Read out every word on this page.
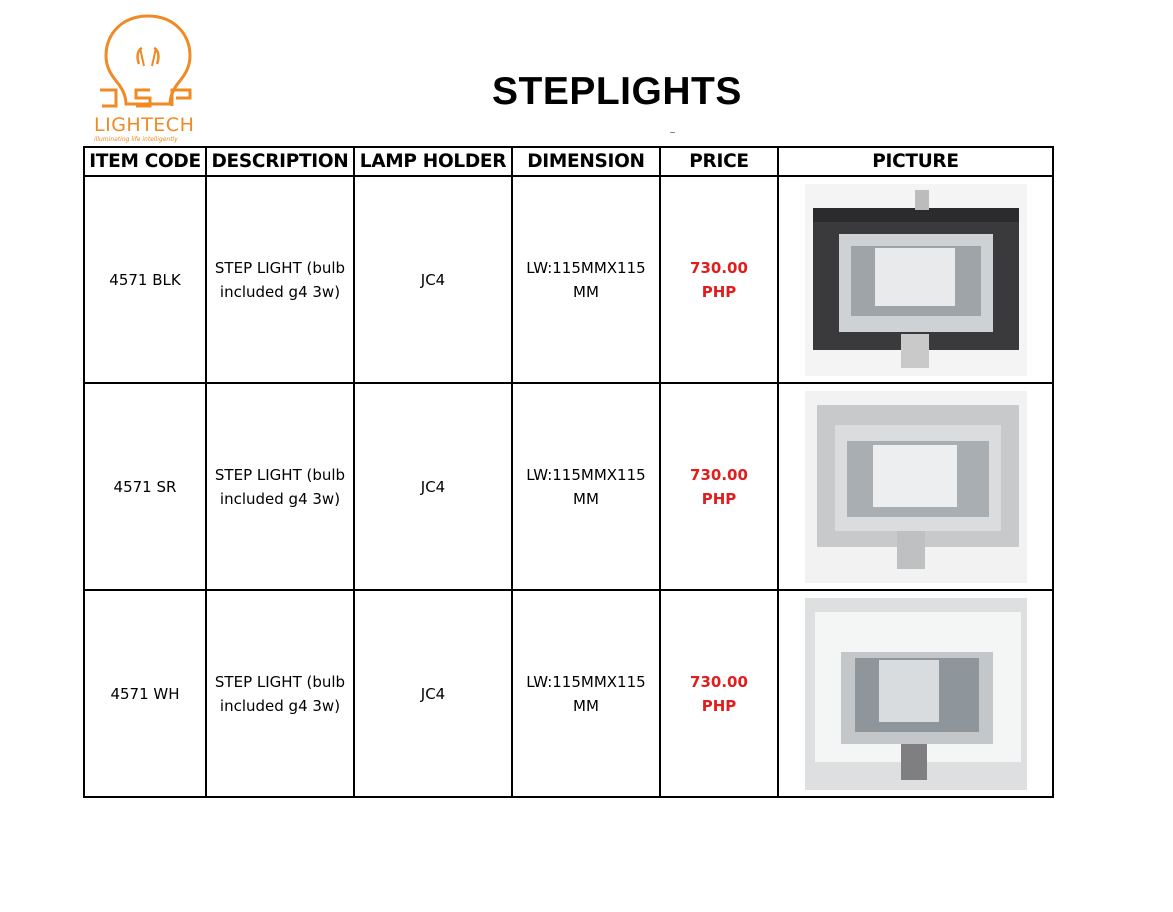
LIGHTECH
illuminating life intelligently
STEPLIGHTS
ITEM CODE	DESCRIPTION	LAMP HOLDER	DIMENSION	PRICE	PICTURE
4571 BLK	STEP LIGHT (bulb
included g4 3w)	JC4	LW:115MMX115
MM	730.00
PHP	

4571 SR	STEP LIGHT (bulb
included g4 3w)	JC4	LW:115MMX115
MM	730.00
PHP	

4571 WH	STEP LIGHT (bulb
included g4 3w)	JC4	LW:115MMX115
MM	730.00
PHP	
